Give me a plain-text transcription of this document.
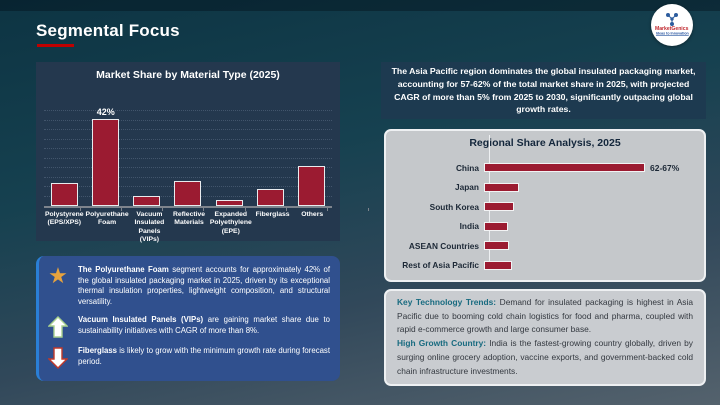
Segmental Focus	MarketGenics
Ideas to Innovation
Market Share by Material Type (2025)
42%
Polystyrene (EPS/XPS)
Polyurethane Foam
Vacuum Insulated Panels (VIPs)
Reflective Materials
Expanded Polyethylene (EPE)
Fiberglass	Others
★ The Polyurethane Foam segment accounts for approximately 42% of the global insulated packaging market in 2025, driven by its exceptional thermal insulation properties, lightweight composition, and structural versatility.
Vacuum Insulated Panels (VIPs) are gaining market share due to sustainability initiatives with CAGR of more than 8%.
Fiberglass is likely to grow with the minimum growth rate during forecast period.
The Asia Pacific region dominates the global insulated packaging market, accounting for 57-62% of the total market share in 2025, with projected CAGR of more than 5% from 2025 to 2030, significantly outpacing global growth rates.
Regional Share Analysis, 2025
China	62-67%
Japan
South Korea
India
ASEAN Countries
Rest of Asia Pacific

Key Technology Trends: Demand for insulated packaging is highest in Asia Pacific due to booming cold chain logistics for food and pharma, coupled with rapid e-commerce growth and large consumer base.

High Growth Country: India is the fastest-growing country globally, driven by surging online grocery adoption, vaccine exports, and government-backed cold chain infrastructure investments.
